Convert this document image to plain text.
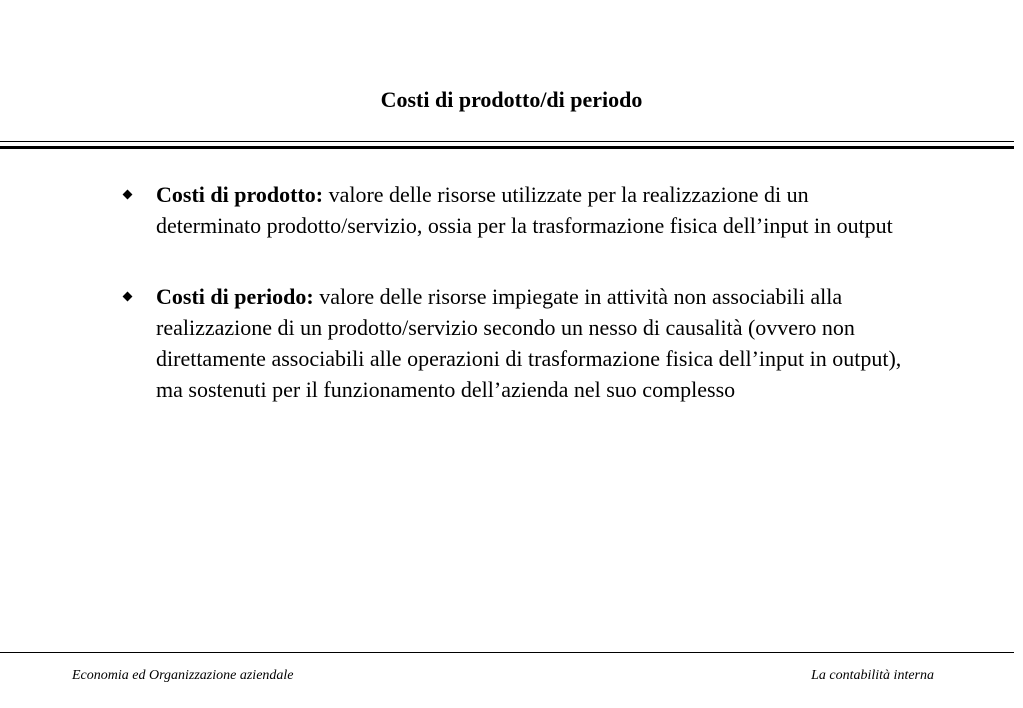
Costi di prodotto/di periodo
Costi di prodotto: valore delle risorse utilizzate per la realizzazione di un determinato prodotto/servizio, ossia per la trasformazione fisica dell’input in output
Costi di periodo: valore delle risorse impiegate in attività non associabili alla realizzazione di un prodotto/servizio secondo un nesso di causalità (ovvero non direttamente associabili alle operazioni di trasformazione fisica dell’input in output), ma sostenuti per il funzionamento dell’azienda nel suo complesso
Economia ed Organizzazione aziendale	La contabilità interna
